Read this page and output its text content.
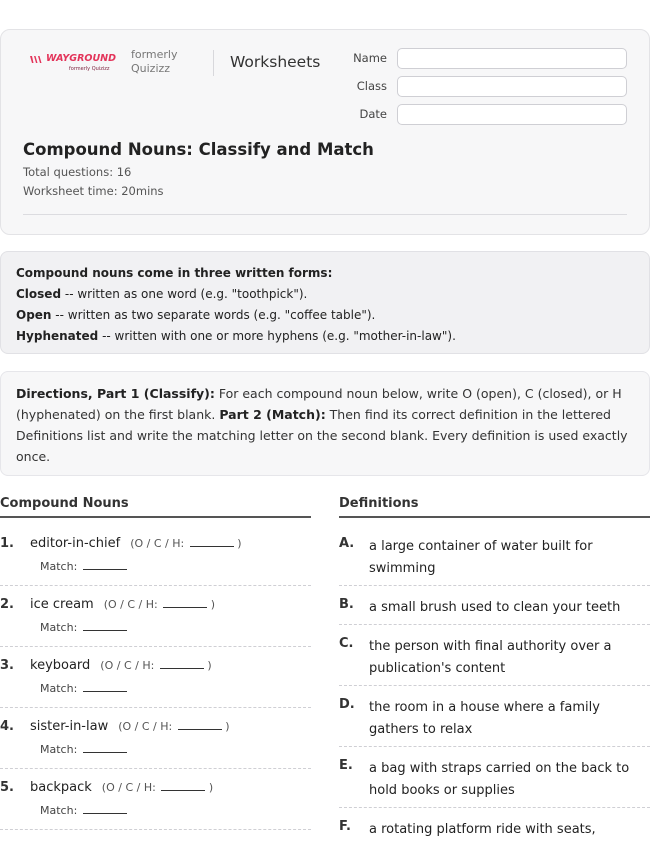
WAYGROUND
formerly Quizizz
formerly
Quizizz	Worksheets	Name
Class
Date
Compound Nouns: Classify and Match
Total questions: 16
Worksheet time: 20mins
Compound nouns come in three written forms:
Closed -- written as one word (e.g. "toothpick").
Open -- written as two separate words (e.g. "coffee table").
Hyphenated -- written with one or more hyphens (e.g. "mother-in-law").
Directions, Part 1 (Classify): For each compound noun below, write O (open), C (closed), or H (hyphenated) on the first blank. Part 2 (Match): Then find its correct definition in the lettered Definitions list and write the matching letter on the second blank. Every definition is used exactly once.
Compound Nouns	Definitions
1. editor-in-chief (O / C / H:	)
Match:
2. ice cream (O / C / H:	)
Match:
3. keyboard (O / C / H:	)
Match:
4. sister-in-law (O / C / H:	)
Match:
5. backpack (O / C / H:	)
Match:
A. a large container of water built for swimming
B. a small brush used to clean your teeth
C. the person with final authority over a publication's content
D. the room in a house where a family gathers to relax
E. a bag with straps carried on the back to hold books or supplies
F. a rotating platform ride with seats,
